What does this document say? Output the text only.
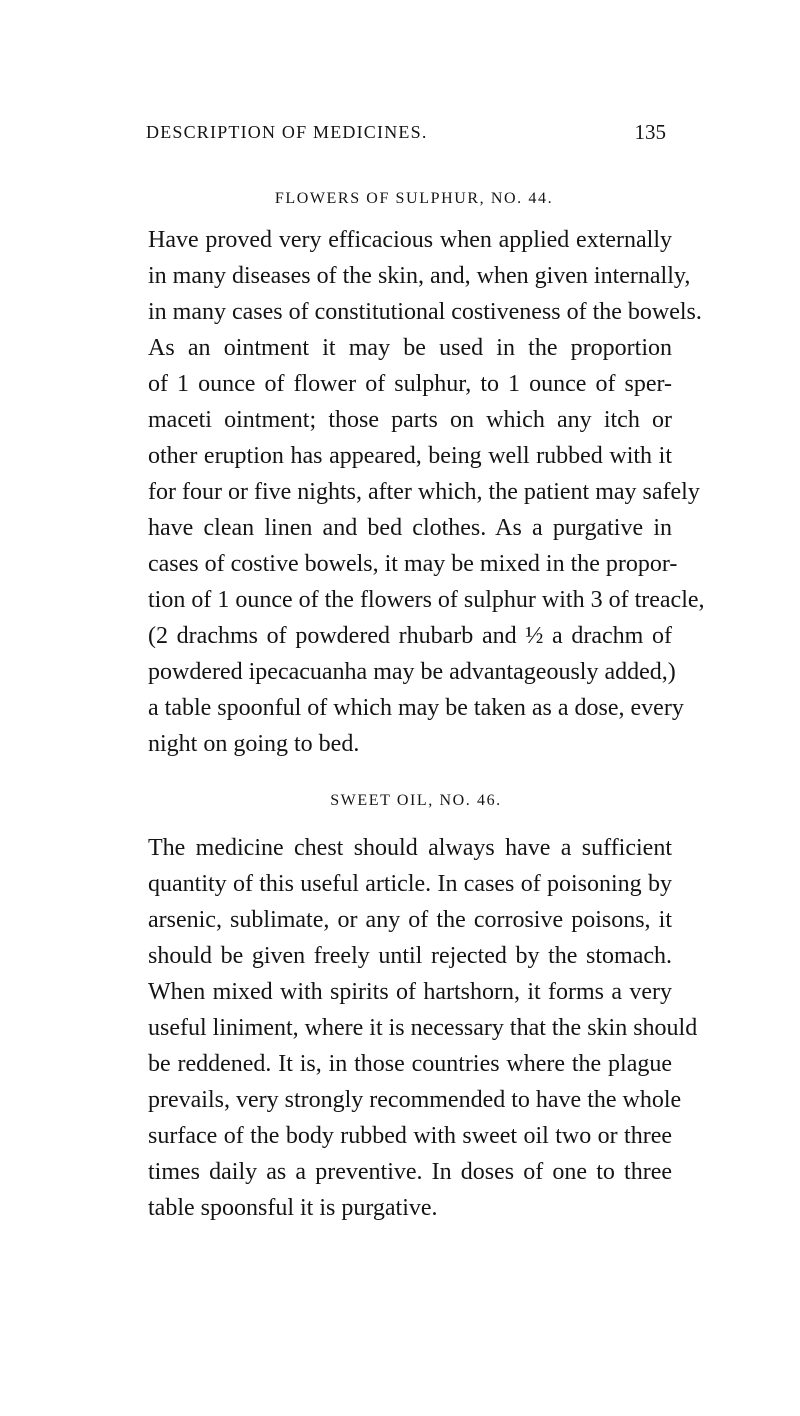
DESCRIPTION OF MEDICINES.	135
FLOWERS OF SULPHUR, NO. 44.
Have proved very efficacious when applied externally
in many diseases of the skin, and, when given internally,
in many cases of constitutional costiveness of the bowels.
As an ointment it may be used in the proportion
of 1 ounce of flower of sulphur, to 1 ounce of sper-
maceti ointment; those parts on which any itch or
other eruption has appeared, being well rubbed with it
for four or five nights, after which, the patient may safely
have clean linen and bed clothes. As a purgative in
cases of costive bowels, it may be mixed in the propor-
tion of 1 ounce of the flowers of sulphur with 3 of treacle,
(2 drachms of powdered rhubarb and ½ a drachm of
powdered ipecacuanha may be advantageously added,)
a table spoonful of which may be taken as a dose, every
night on going to bed.
SWEET OIL, NO. 46.
The medicine chest should always have a sufficient
quantity of this useful article. In cases of poisoning by
arsenic, sublimate, or any of the corrosive poisons, it
should be given freely until rejected by the stomach.
When mixed with spirits of hartshorn, it forms a very
useful liniment, where it is necessary that the skin should
be reddened. It is, in those countries where the plague
prevails, very strongly recommended to have the whole
surface of the body rubbed with sweet oil two or three
times daily as a preventive. In doses of one to three
table spoonsful it is purgative.
